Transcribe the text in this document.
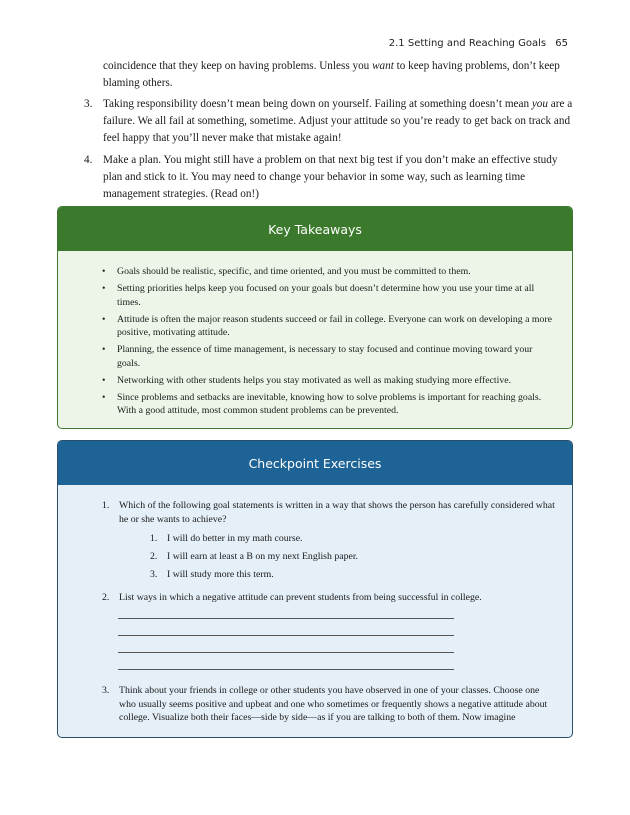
2.1 Setting and Reaching Goals 65

coincidence that they keep on having problems. Unless you want to keep having problems, don’t keep blaming others.

3. Taking responsibility doesn’t mean being down on yourself. Failing at something doesn’t mean you are a failure. We all fail at something, sometime. Adjust your attitude so you’re ready to get back on track and feel happy that you’ll never make that mistake again!
4. Make a plan. You might still have a problem on that next big test if you don’t make an effective study plan and stick to it. You may need to change your behavior in some way, such as learning time management strategies. (Read on!)
Key Takeaways
• Goals should be realistic, specific, and time oriented, and you must be committed to them.
• Setting priorities helps keep you focused on your goals but doesn’t determine how you use your time at all times.
• Attitude is often the major reason students succeed or fail in college. Everyone can work on developing a more positive, motivating attitude.
• Planning, the essence of time management, is necessary to stay focused and continue moving toward your goals.
• Networking with other students helps you stay motivated as well as making studying more effective.
• Since problems and setbacks are inevitable, knowing how to solve problems is important for reaching goals. With a good attitude, most common student problems can be prevented.
Checkpoint Exercises
1. Which of the following goal statements is written in a way that shows the person has carefully considered what he or she wants to achieve?
1. I will do better in my math course.
2. I will earn at least a B on my next English paper.
3. I will study more this term.
2. List ways in which a negative attitude can prevent students from being successful in college.
3. Think about your friends in college or other students you have observed in one of your classes. Choose one who usually seems positive and upbeat and one who sometimes or frequently shows a negative attitude about college. Visualize both their faces—side by side—as if you are talking to both of them. Now imagine
